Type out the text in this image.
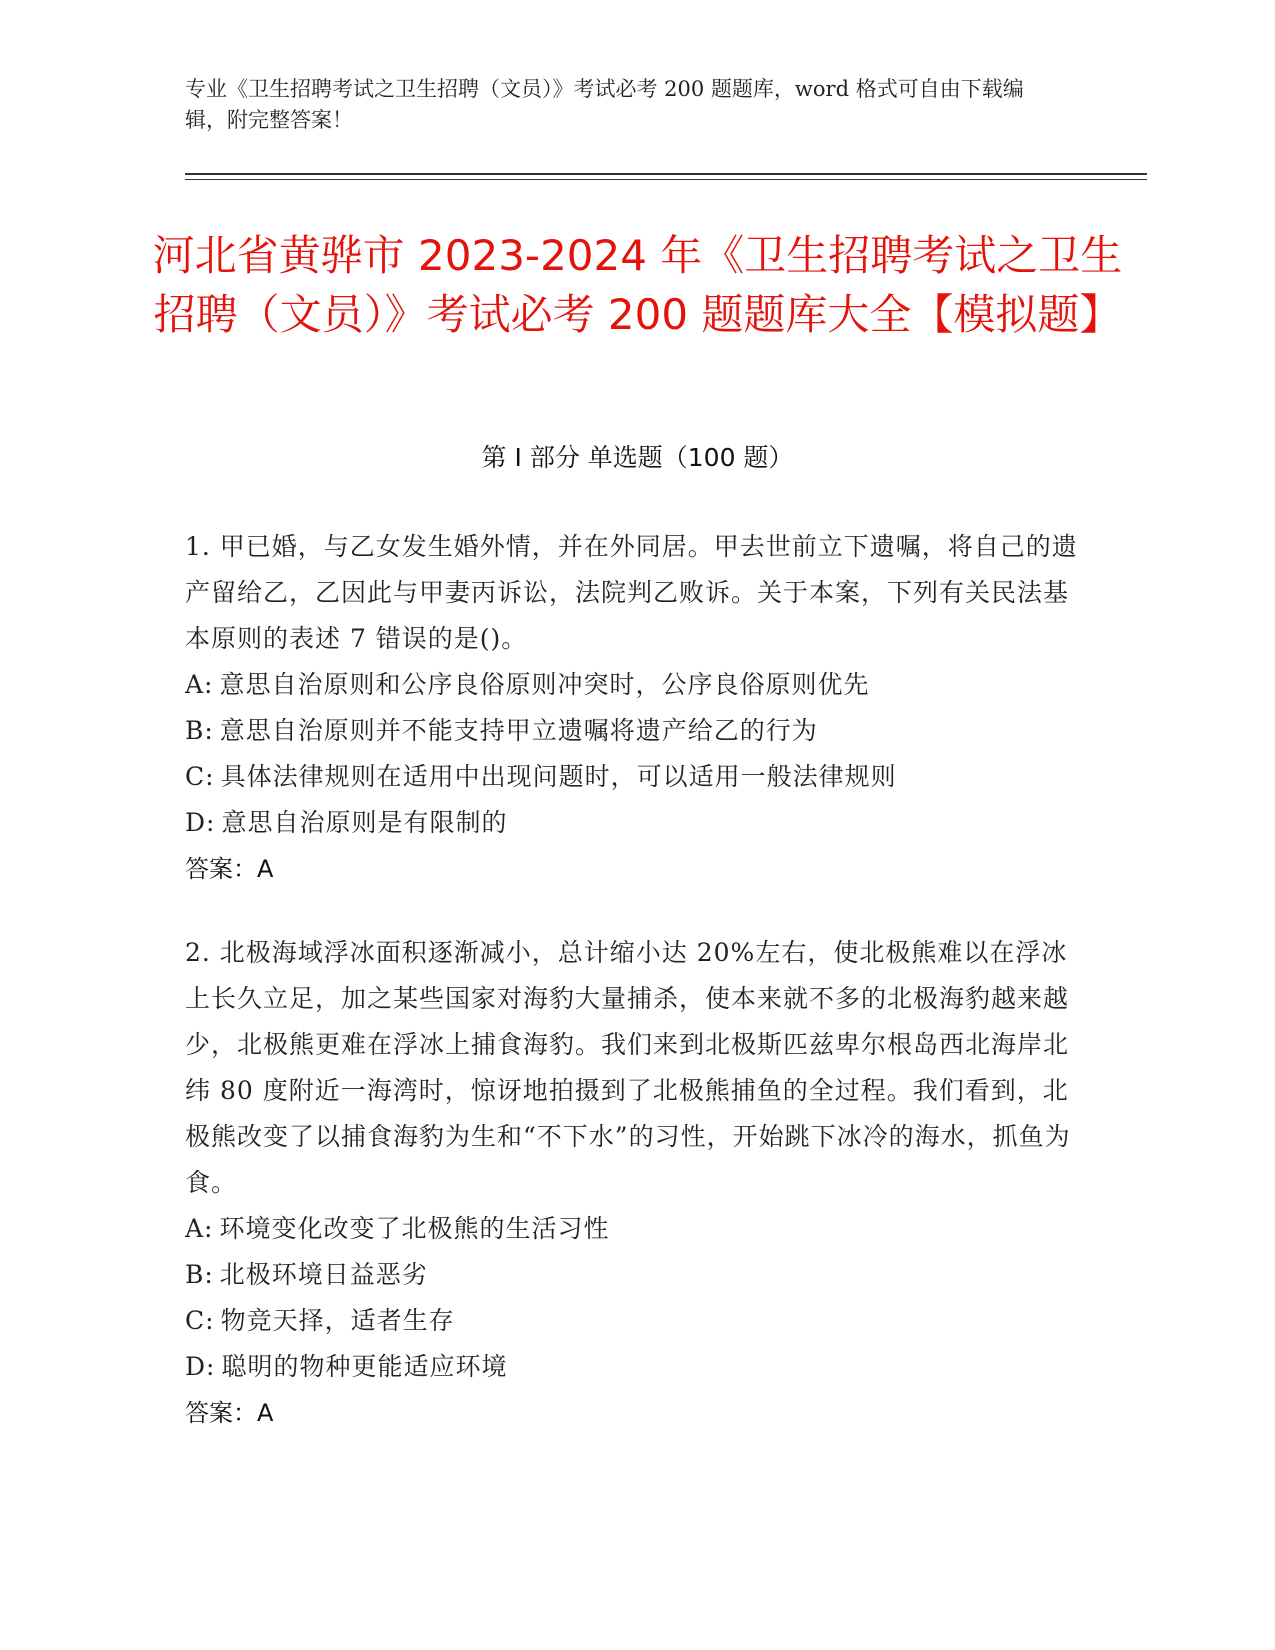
专业《卫生招聘考试之卫生招聘（文员）》考试必考 200 题题库，word 格式可自由下载编辑，附完整答案！
河北省黄骅市 2023-2024 年《卫生招聘考试之卫生招聘（文员）》考试必考 200 题题库大全【模拟题】
第 I 部分 单选题（100 题）
1. 甲已婚，与乙女发生婚外情，并在外同居。甲去世前立下遗嘱，将自己的遗产留给乙，乙因此与甲妻丙诉讼，法院判乙败诉。关于本案，下列有关民法基本原则的表述 7 错误的是()。
A: 意思自治原则和公序良俗原则冲突时，公序良俗原则优先
B: 意思自治原则并不能支持甲立遗嘱将遗产给乙的行为
C: 具体法律规则在适用中出现问题时，可以适用一般法律规则
D: 意思自治原则是有限制的
答案：A
2. 北极海域浮冰面积逐渐减小，总计缩小达 20%左右，使北极熊难以在浮冰上长久立足，加之某些国家对海豹大量捕杀，使本来就不多的北极海豹越来越少，北极熊更难在浮冰上捕食海豹。我们来到北极斯匹兹卑尔根岛西北海岸北纬 80 度附近一海湾时，惊讶地拍摄到了北极熊捕鱼的全过程。我们看到，北极熊改变了以捕食海豹为生和“不下水”的习性，开始跳下冰冷的海水，抓鱼为食。
A: 环境变化改变了北极熊的生活习性
B: 北极环境日益恶劣
C: 物竞天择，适者生存
D: 聪明的物种更能适应环境
答案：A
